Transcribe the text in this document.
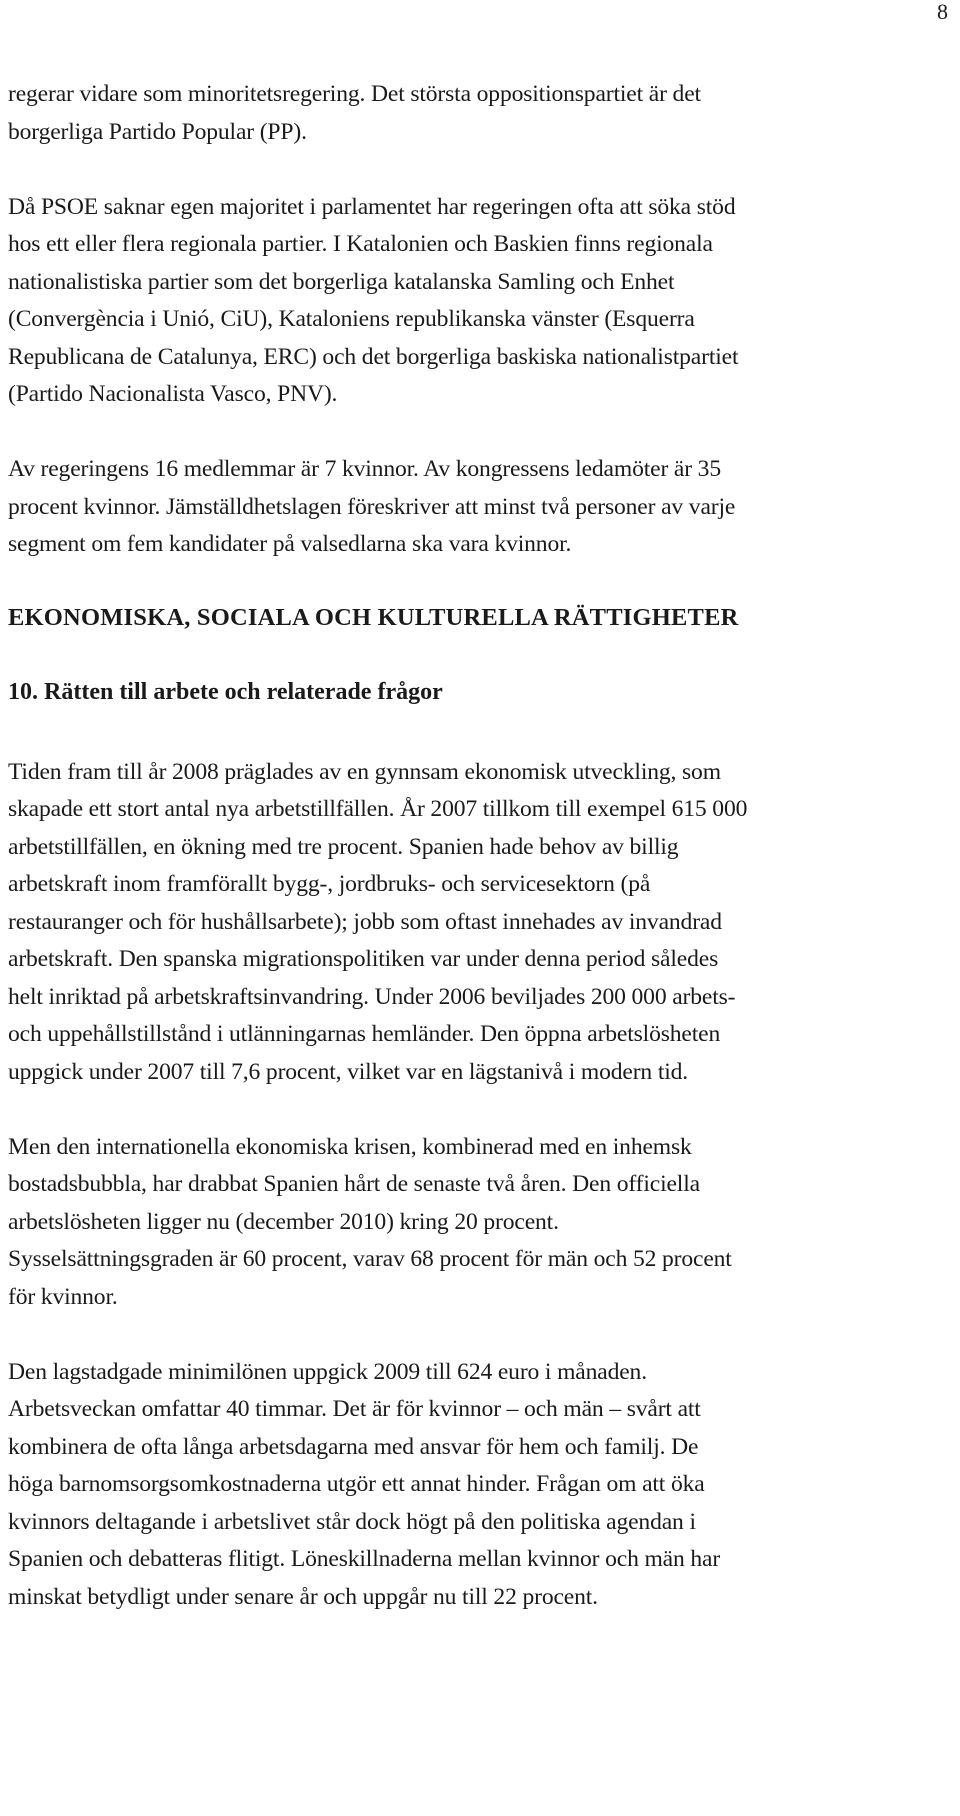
8

regerar vidare som minoritetsregering. Det största oppositionspartiet är det
borgerliga Partido Popular (PP).

Då PSOE saknar egen majoritet i parlamentet har regeringen ofta att söka stöd
hos ett eller flera regionala partier. I Katalonien och Baskien finns regionala
nationalistiska partier som det borgerliga katalanska Samling och Enhet
(Convergència i Unió, CiU), Kataloniens republikanska vänster (Esquerra
Republicana de Catalunya, ERC) och det borgerliga baskiska nationalistpartiet
(Partido Nacionalista Vasco, PNV).

Av regeringens 16 medlemmar är 7 kvinnor. Av kongressens ledamöter är 35
procent kvinnor. Jämställdhetslagen föreskriver att minst två personer av varje
segment om fem kandidater på valsedlarna ska vara kvinnor.

EKONOMISKA, SOCIALA OCH KULTURELLA RÄTTIGHETER
10. Rätten till arbete och relaterade frågor

Tiden fram till år 2008 präglades av en gynnsam ekonomisk utveckling, som
skapade ett stort antal nya arbetstillfällen. År 2007 tillkom till exempel 615 000
arbetstillfällen, en ökning med tre procent. Spanien hade behov av billig
arbetskraft inom framförallt bygg-, jordbruks- och servicesektorn (på
restauranger och för hushållsarbete); jobb som oftast innehades av invandrad
arbetskraft. Den spanska migrationspolitiken var under denna period således
helt inriktad på arbetskraftsinvandring. Under 2006 beviljades 200 000 arbets-
och uppehållstillstånd i utlänningarnas hemländer. Den öppna arbetslösheten
uppgick under 2007 till 7,6 procent, vilket var en lägstanivå i modern tid.

Men den internationella ekonomiska krisen, kombinerad med en inhemsk
bostadsbubbla, har drabbat Spanien hårt de senaste två åren. Den officiella
arbetslösheten ligger nu (december 2010) kring 20 procent.
Sysselsättningsgraden är 60 procent, varav 68 procent för män och 52 procent
för kvinnor.

Den lagstadgade minimilönen uppgick 2009 till 624 euro i månaden.
Arbetsveckan omfattar 40 timmar. Det är för kvinnor – och män – svårt att
kombinera de ofta långa arbetsdagarna med ansvar för hem och familj. De
höga barnomsorgsomkostnaderna utgör ett annat hinder. Frågan om att öka
kvinnors deltagande i arbetslivet står dock högt på den politiska agendan i
Spanien och debatteras flitigt. Löneskillnaderna mellan kvinnor och män har
minskat betydligt under senare år och uppgår nu till 22 procent.
